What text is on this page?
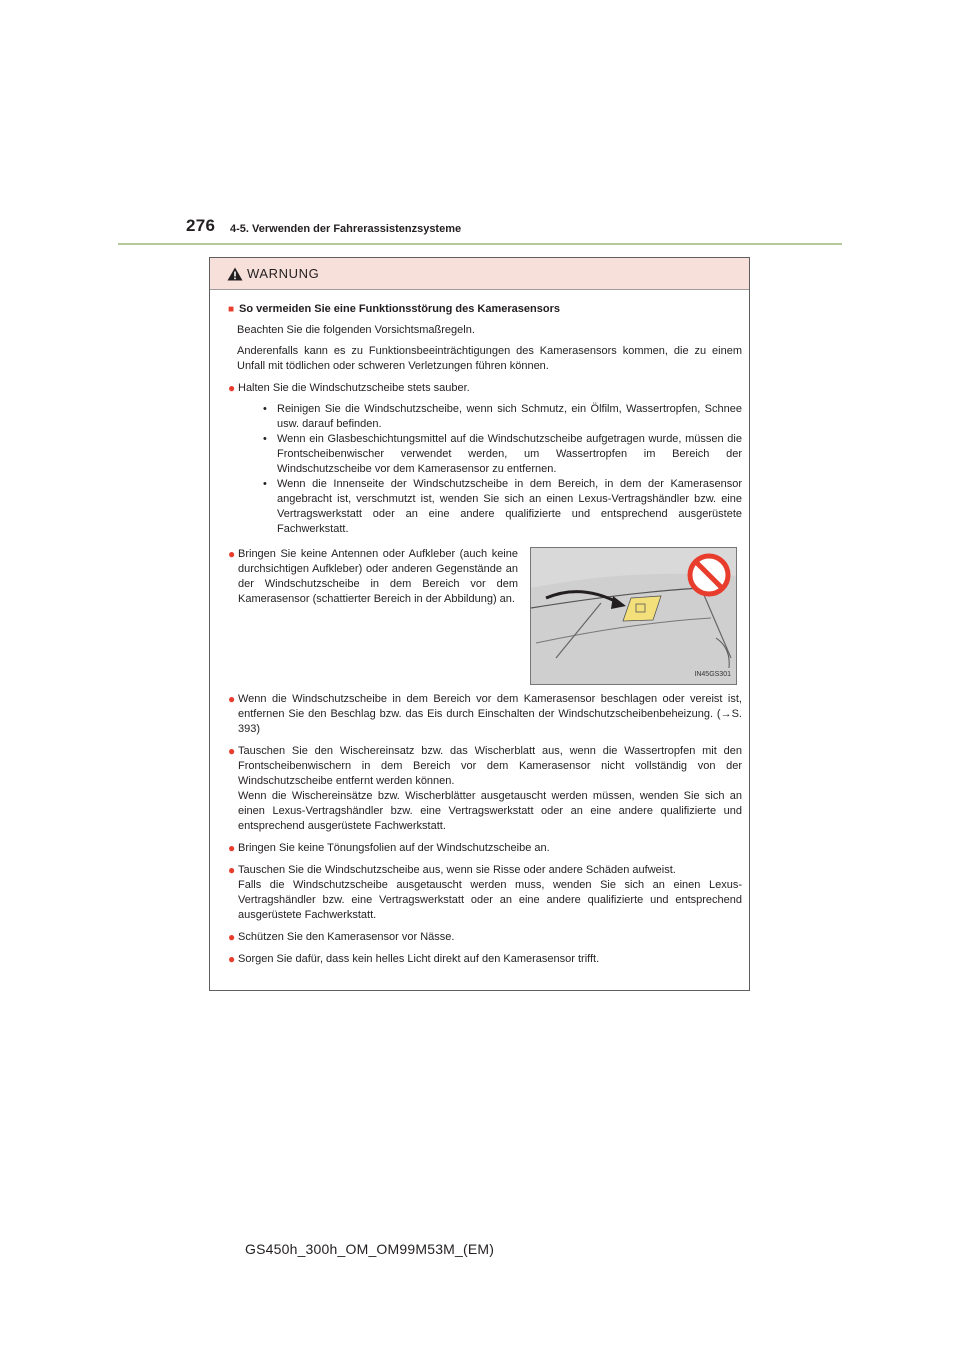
276 4-5. Verwenden der Fahrerassistenzsysteme
WARNUNG

■ So vermeiden Sie eine Funktionsstörung des Kamerasensors

Beachten Sie die folgenden Vorsichtsmaßregeln.

Anderenfalls kann es zu Funktionsbeeinträchtigungen des Kamerasensors kommen, die zu einem Unfall mit tödlichen oder schweren Verletzungen führen können.

● Halten Sie die Windschutzscheibe stets sauber.
• Reinigen Sie die Windschutzscheibe, wenn sich Schmutz, ein Ölfilm, Wassertropfen, Schnee usw. darauf befinden.
• Wenn ein Glasbeschichtungsmittel auf die Windschutzscheibe aufgetragen wurde, müssen die Frontscheibenwischer verwendet werden, um Wassertropfen im Bereich der Windschutzscheibe vor dem Kamerasensor zu entfernen.
• Wenn die Innenseite der Windschutzscheibe in dem Bereich, in dem der Kamerasensor angebracht ist, verschmutzt ist, wenden Sie sich an einen Lexus-Vertragshändler bzw. eine Vertragswerkstatt oder an eine andere qualifizierte und entsprechend ausgerüstete Fachwerkstatt.
● Bringen Sie keine Antennen oder Aufkleber (auch keine durchsichtigen Aufkleber) oder anderen Gegenstände an der Windschutzscheibe in dem Bereich vor dem Kamerasensor (schattierter Bereich in der Abbildung) an.
IN45GS301
● Wenn die Windschutzscheibe in dem Bereich vor dem Kamerasensor beschlagen oder vereist ist, entfernen Sie den Beschlag bzw. das Eis durch Einschalten der Windschutzscheibenbeheizung. (→S. 393)
● Tauschen Sie den Wischereinsatz bzw. das Wischerblatt aus, wenn die Wassertropfen mit den Frontscheibenwischern in dem Bereich vor dem Kamerasensor nicht vollständig von der Windschutzscheibe entfernt werden können.

Wenn die Wischereinsätze bzw. Wischerblätter ausgetauscht werden müssen, wenden Sie sich an einen Lexus-Vertragshändler bzw. eine Vertragswerkstatt oder an eine andere qualifizierte und entsprechend ausgerüstete Fachwerkstatt.

● Bringen Sie keine Tönungsfolien auf der Windschutzscheibe an.
● Tauschen Sie die Windschutzscheibe aus, wenn sie Risse oder andere Schäden aufweist.

Falls die Windschutzscheibe ausgetauscht werden muss, wenden Sie sich an einen Lexus-Vertragshändler bzw. eine Vertragswerkstatt oder an eine andere qualifizierte und entsprechend ausgerüstete Fachwerkstatt.

● Schützen Sie den Kamerasensor vor Nässe.
● Sorgen Sie dafür, dass kein helles Licht direkt auf den Kamerasensor trifft.
GS450h_300h_OM_OM99M53M_(EM)
